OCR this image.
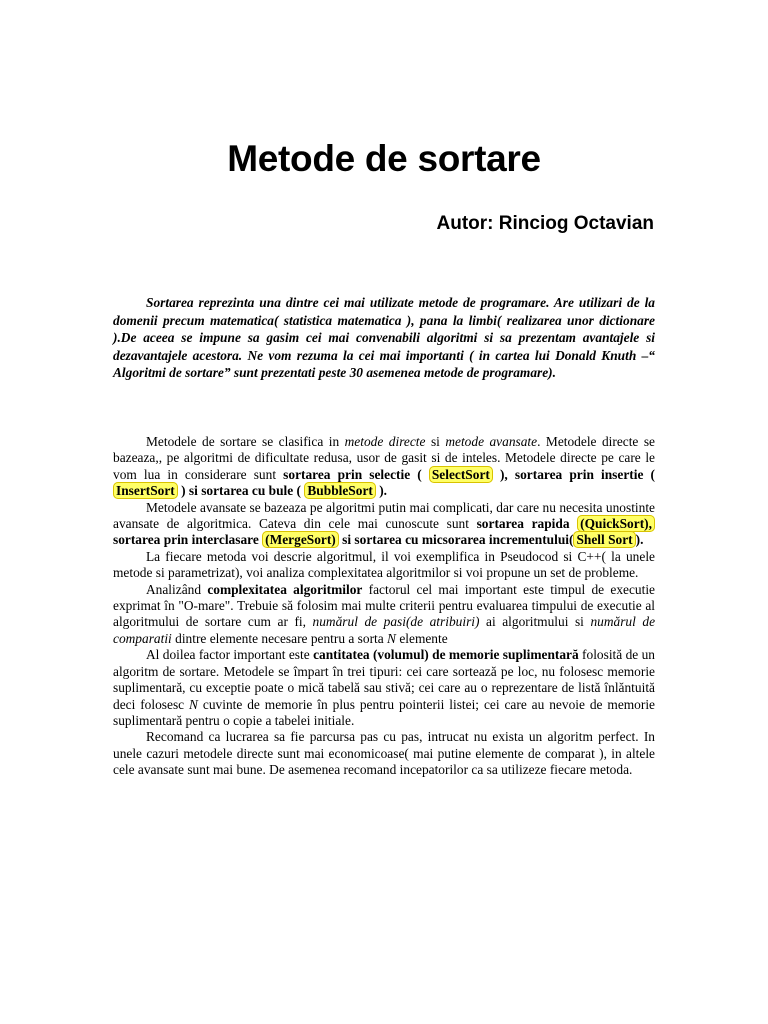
Metode de sortare

Autor: Rinciog Octavian

Sortarea reprezinta una dintre cei mai utilizate metode de programare. Are utilizari de la domenii precum matematica( statistica matematica ), pana la limbi( realizarea unor dictionare ).De aceea se impune sa gasim cei mai convenabili algoritmi si sa prezentam avantajele si dezavantajele acestora. Ne vom rezuma la cei mai importanti ( in cartea lui Donald Knuth –“ Algoritmi de sortare” sunt prezentati peste 30 asemenea metode de programare).

Metodele de sortare se clasifica in metode directe si metode avansate. Metodele directe se bazeaza,, pe algoritmi de dificultate redusa, usor de gasit si de inteles. Metodele directe pe care le vom lua in considerare sunt sortarea prin selectie ( SelectSort ), sortarea prin insertie ( InsertSort ) si sortarea cu bule ( BubbleSort ).

Metodele avansate se bazeaza pe algoritmi putin mai complicati, dar care nu necesita unostinte avansate de algoritmica. Cateva din cele mai cunoscute sunt sortarea rapida (QuickSort), sortarea prin interclasare (MergeSort) si sortarea cu micsorarea incrementului( Shell Sort ).

La fiecare metoda voi descrie algoritmul, il voi exemplifica in Pseudocod si C++( la unele metode si parametrizat), voi analiza complexitatea algoritmilor si voi propune un set de probleme.

Analizând complexitatea algoritmilor factorul cel mai important este timpul de executie exprimat în "O-mare". Trebuie să folosim mai multe criterii pentru evaluarea timpului de executie al algoritmului de sortare cum ar fi, numărul de pasi(de atribuiri) ai algoritmului si numărul de comparatii dintre elemente necesare pentru a sorta N elemente

Al doilea factor important este cantitatea (volumul) de memorie suplimentară folosită de un algoritm de sortare. Metodele se împart în trei tipuri: cei care sortează pe loc, nu folosesc memorie suplimentară, cu exceptie poate o mică tabelă sau stivă; cei care au o reprezentare de listă înlăntuită deci folosesc N cuvinte de memorie în plus pentru pointerii listei; cei care au nevoie de memorie suplimentară pentru o copie a tabelei initiale.

Recomand ca lucrarea sa fie parcursa pas cu pas, intrucat nu exista un algoritm perfect. In unele cazuri metodele directe sunt mai economicoase( mai putine elemente de comparat ), in altele cele avansate sunt mai bune. De asemenea recomand incepatorilor ca sa utilizeze fiecare metoda.
